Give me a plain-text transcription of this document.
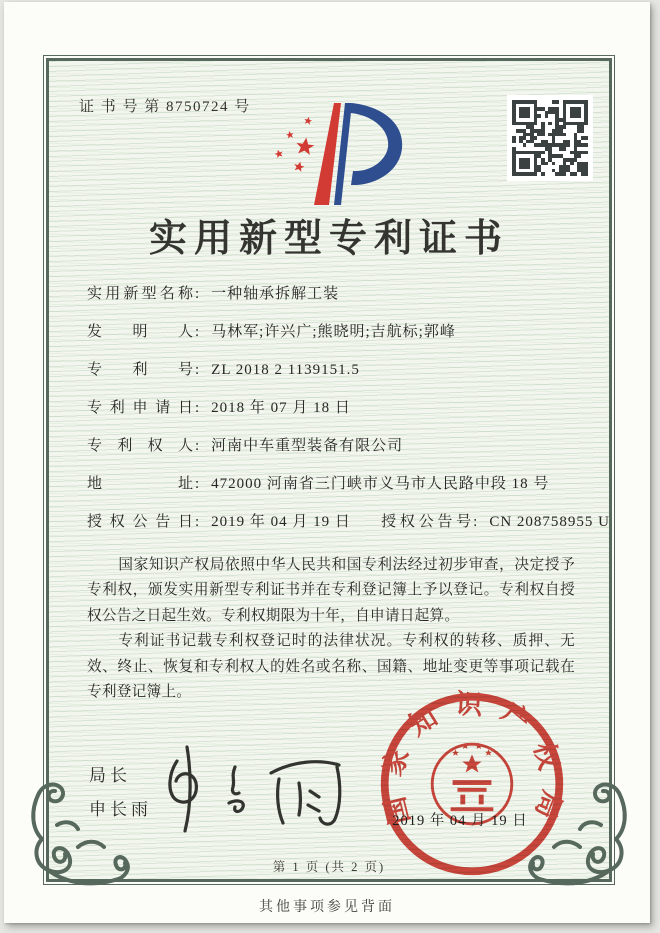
证 书 号 第 8750724 号
实用新型专利证书
实用新型名称 : 一种轴承拆解工装
发明人 : 马林军;许兴广;熊晓明;吉航标;郭峰
专利号 : ZL 2018 2 1139151.5
专利申请日 : 2018 年 07 月 18 日
专利权人 : 河南中车重型装备有限公司
地址 : 472000 河南省三门峡市义马市人民路中段 18 号
授权公告日 : 2019 年 04 月 19 日	授权公告号 : CN 208758955 U

国家知识产权局依照中华人民共和国专利法经过初步审查，决定授予专利权，颁发实用新型专利证书并在专利登记簿上予以登记。专利权自授权公告之日起生效。专利权期限为十年，自申请日起算。

专利证书记载专利权登记时的法律状况。专利权的转移、质押、无效、终止、恢复和专利权人的姓名或名称、国籍、地址变更等事项记载在专利登记簿上。

局长
申长雨	国家知识产权局
2019 年 04 月 19 日
第 1 页 (共 2 页)
其他事项参见背面
